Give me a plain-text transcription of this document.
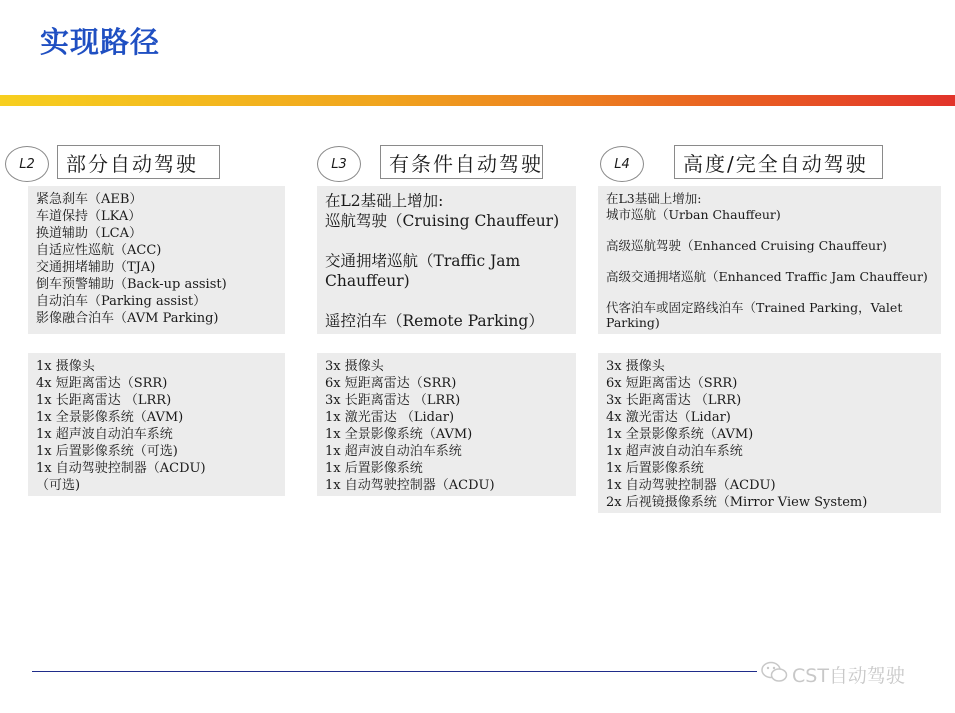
实现路径
L2	部分自动驾驶
紧急刹车（AEB）
车道保持（LKA）
换道辅助（LCA）
自适应性巡航（ACC)
交通拥堵辅助（TJA)
倒车预警辅助（Back-up assist)
自动泊车（Parking assist）
影像融合泊车（AVM Parking)
1x 摄像头
4x 短距离雷达（SRR)
1x 长距离雷达 （LRR)
1x 全景影像系统（AVM)
1x 超声波自动泊车系统
1x 后置影像系统（可选)
1x 自动驾驶控制器（ACDU)
（可选)
L3	有条件自动驾驶
在L2基础上增加:
巡航驾驶（Cruising Chauffeur)
交通拥堵巡航（Traffic Jam
Chauffeur)
遥控泊车（Remote Parking）
3x 摄像头
6x 短距离雷达（SRR)
3x 长距离雷达 （LRR)
1x 激光雷达 （Lidar)
1x 全景影像系统（AVM)
1x 超声波自动泊车系统
1x 后置影像系统
1x 自动驾驶控制器（ACDU)
L4	高度/完全自动驾驶
在L3基础上增加:
城市巡航（Urban Chauffeur)
高级巡航驾驶（Enhanced Cruising Chauffeur)
高级交通拥堵巡航（Enhanced Traffic Jam Chauffeur)
代客泊车或固定路线泊车（Trained Parking，Valet
Parking)
3x 摄像头
6x 短距离雷达（SRR)
3x 长距离雷达 （LRR)
4x 激光雷达（Lidar)
1x 全景影像系统（AVM)
1x 超声波自动泊车系统
1x 后置影像系统
1x 自动驾驶控制器（ACDU)
2x 后视镜摄像系统（Mirror View System)
CST自动驾驶
